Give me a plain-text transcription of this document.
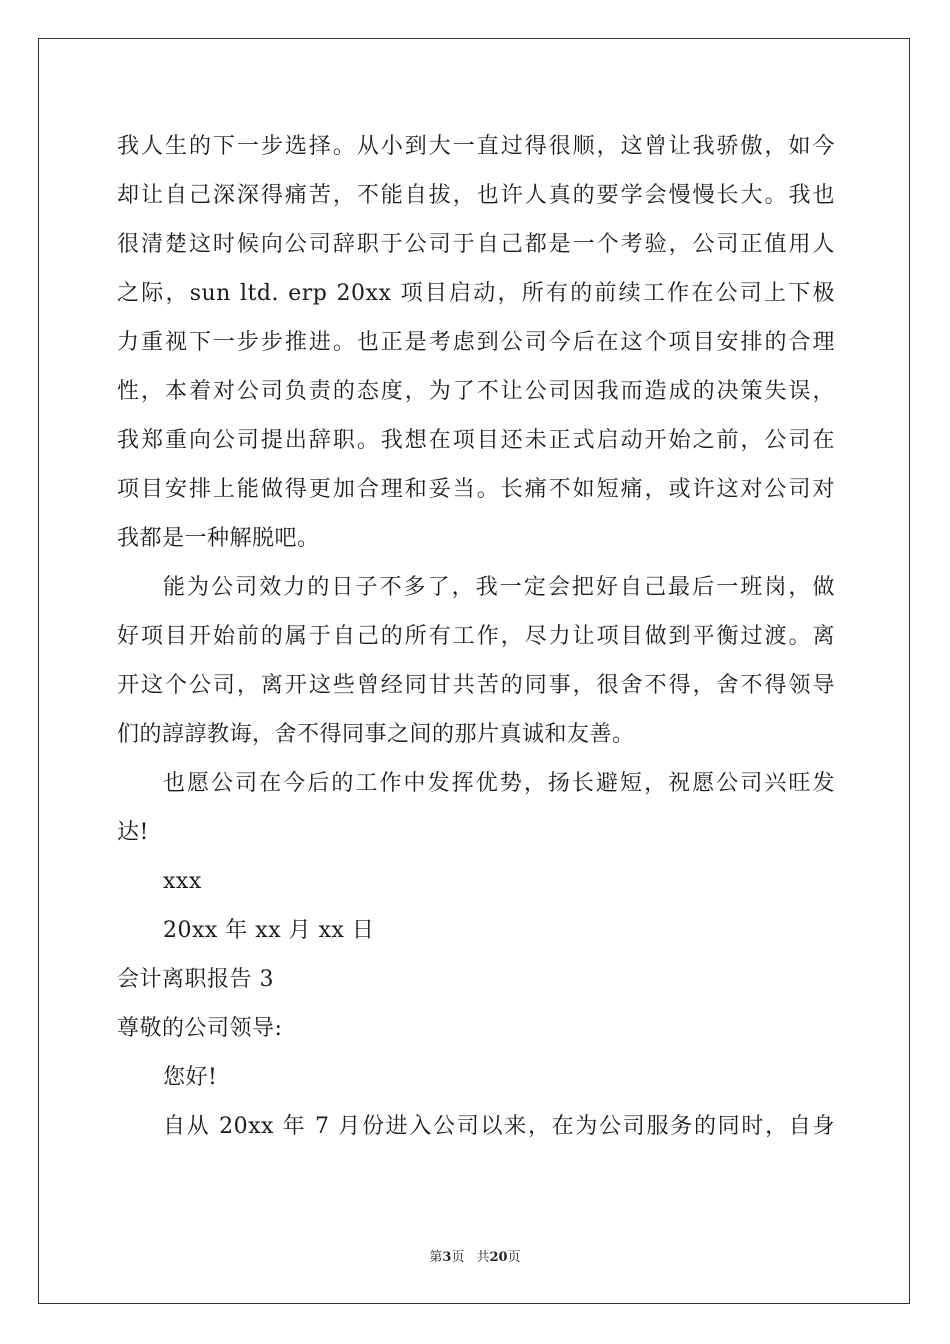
我人生的下一步选择。从小到大一直过得很顺，这曾让我骄傲，如今
却让自己深深得痛苦，不能自拔，也许人真的要学会慢慢长大。我也
很清楚这时候向公司辞职于公司于自己都是一个考验，公司正值用人
之际，sun ltd. erp 20xx 项目启动，所有的前续工作在公司上下极
力重视下一步步推进。也正是考虑到公司今后在这个项目安排的合理
性，本着对公司负责的态度，为了不让公司因我而造成的决策失误，
我郑重向公司提出辞职。我想在项目还未正式启动开始之前，公司在
项目安排上能做得更加合理和妥当。长痛不如短痛，或许这对公司对
我都是一种解脱吧。
能为公司效力的日子不多了，我一定会把好自己最后一班岗，做
好项目开始前的属于自己的所有工作，尽力让项目做到平衡过渡。离
开这个公司，离开这些曾经同甘共苦的同事，很舍不得，舍不得领导
们的諄諄教诲，舍不得同事之间的那片真诚和友善。
也愿公司在今后的工作中发挥优势，扬长避短，祝愿公司兴旺发
达!
xxx
20xx 年 xx 月 xx 日
会计离职报告 3
尊敬的公司领导:
您好!
自从 20xx 年 7 月份进入公司以来，在为公司服务的同时，自身
第3页 共20页
